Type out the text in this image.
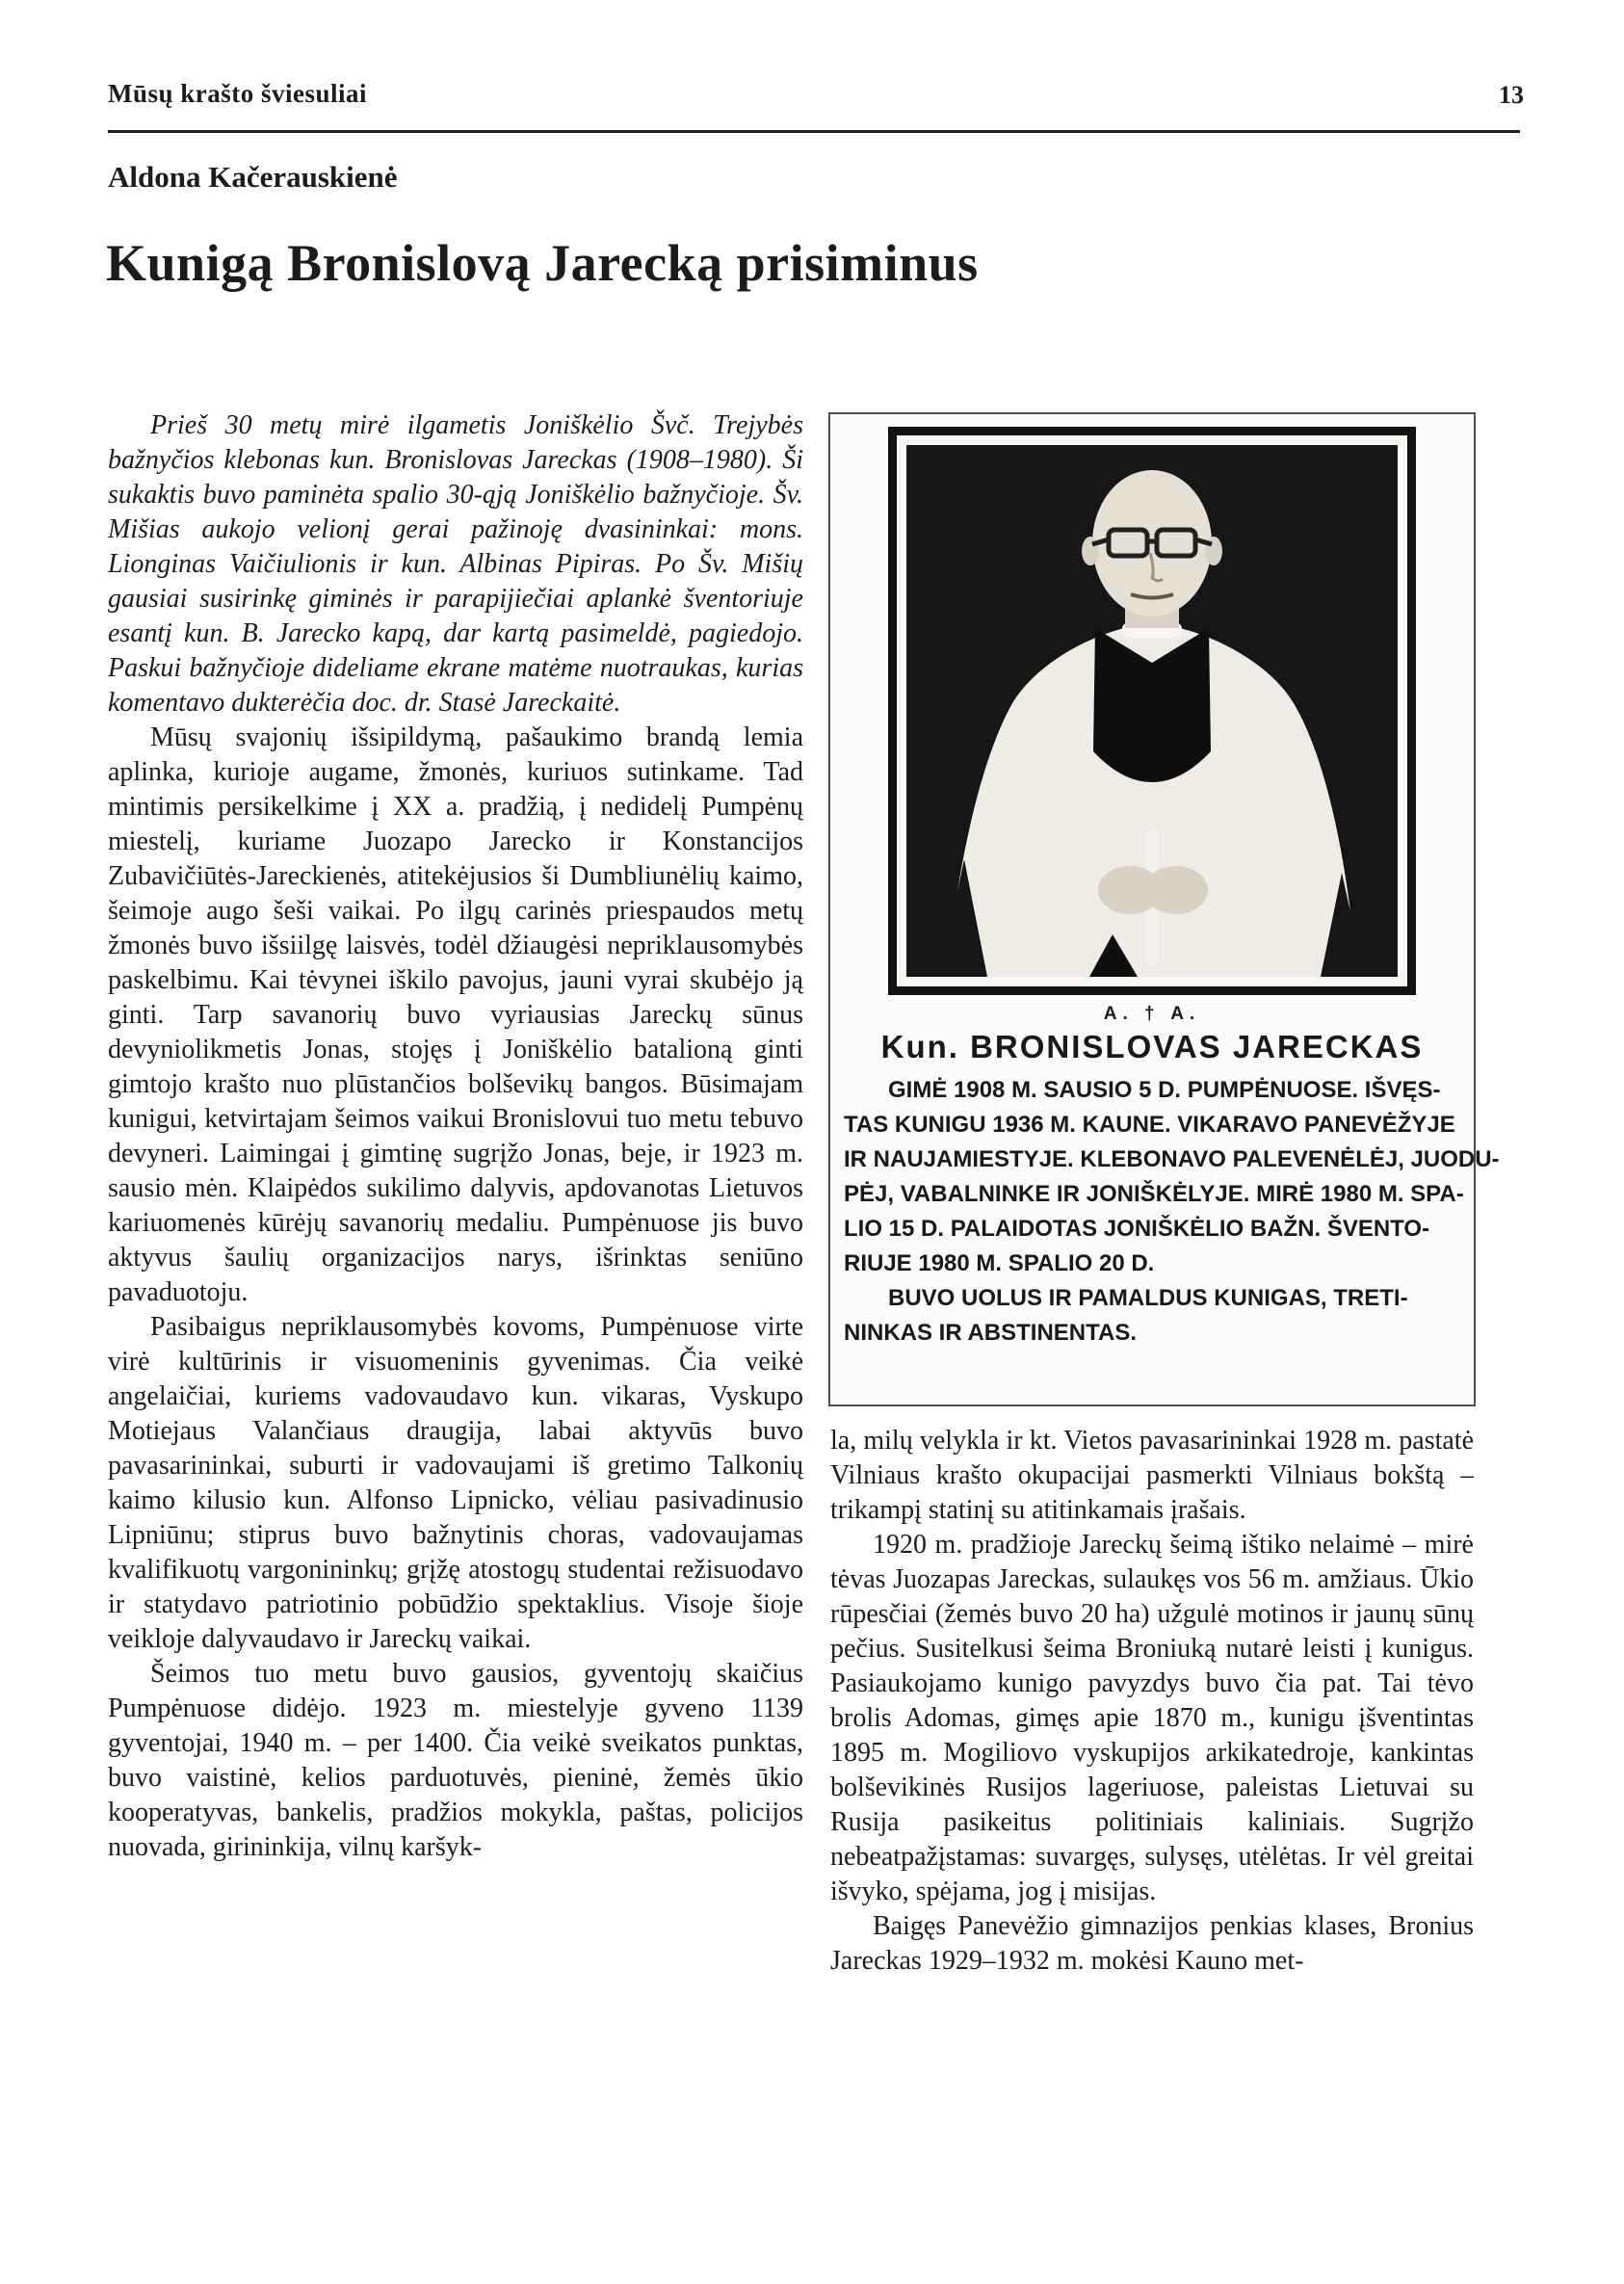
Mūsų krašto šviesuliai	13
Aldona Kačerauskienė
Kunigą Bronislovą Jarecką prisiminus

Prieš 30 metų mirė ilgametis Joniškėlio Švč. Trejybės bažnyčios klebonas kun. Bronislovas Jareckas (1908–1980). Ši sukaktis buvo paminėta spalio 30-ąją Joniškėlio bažnyčioje. Šv. Mišias aukojo velionį gerai pažinoję dvasininkai: mons. Lionginas Vaičiulionis ir kun. Albinas Pipiras. Po Šv. Mišių gausiai susirinkę giminės ir parapijiečiai aplankė šventoriuje esantį kun. B. Jarecko kapą, dar kartą pasimeldė, pagiedojo. Paskui bažnyčioje dideliame ekrane matėme nuotraukas, kurias komentavo dukterėčia doc. dr. Stasė Jareckaitė.

Mūsų svajonių išsipildymą, pašaukimo brandą lemia aplinka, kurioje augame, žmonės, kuriuos sutinkame. Tad mintimis persikelkime į XX a. pradžią, į nedidelį Pumpėnų miestelį, kuriame Juozapo Jarecko ir Konstancijos Zubavičiūtės-Jareckienės, atitekėjusios ši Dumbliunėlių kaimo, šeimoje augo šeši vaikai. Po ilgų carinės priespaudos metų žmonės buvo išsiilgę laisvės, todėl džiaugėsi nepriklausomybės paskelbimu. Kai tėvynei iškilo pavojus, jauni vyrai skubėjo ją ginti. Tarp savanorių buvo vyriausias Jareckų sūnus devyniolikmetis Jonas, stojęs į Joniškėlio batalioną ginti gimtojo krašto nuo plūstančios bolševikų bangos. Būsimajam kunigui, ketvirtajam šeimos vaikui Bronislovui tuo metu tebuvo devyneri. Laimingai į gimtinę sugrįžo Jonas, beje, ir 1923 m. sausio mėn. Klaipėdos sukilimo dalyvis, apdovanotas Lietuvos kariuomenės kūrėjų savanorių medaliu. Pumpėnuose jis buvo aktyvus šaulių organizacijos narys, išrinktas seniūno pavaduotoju.

Pasibaigus nepriklausomybės kovoms, Pumpėnuose virte virė kultūrinis ir visuomeninis gyvenimas. Čia veikė angelaičiai, kuriems vadovaudavo kun. vikaras, Vyskupo Motiejaus Valančiaus draugija, labai aktyvūs buvo pavasarininkai, suburti ir vadovaujami iš gretimo Talkonių kaimo kilusio kun. Alfonso Lipnicko, vėliau pasivadinusio Lipniūnu; stiprus buvo bažnytinis choras, vadovaujamas kvalifikuotų vargonininkų; grįžę atostogų studentai režisuodavo ir statydavo patriotinio pobūdžio spektaklius. Visoje šioje veikloje dalyvaudavo ir Jareckų vaikai.

Šeimos tuo metu buvo gausios, gyventojų skaičius Pumpėnuose didėjo. 1923 m. miestelyje gyveno 1139 gyventojai, 1940 m. – per 1400. Čia veikė sveikatos punktas, buvo vaistinė, kelios parduotuvės, pieninė, žemės ūkio kooperatyvas, bankelis, pradžios mokykla, paštas, policijos nuovada, girininkija, vilnų karšyk-

A. † A.
Kun. BRONISLOVAS JARECKAS
GIMĖ 1908 M. SAUSIO 5 D. PUMPĖNUOSE. IŠVĘS-
TAS KUNIGU 1936 M. KAUNE. VIKARAVO PANEVĖŽYJE
IR NAUJAMIESTYJE. KLEBONAVO PALEVENĖLĖJ, JUODU-
PĖJ, VABALNINKE IR JONIŠKĖLYJE. MIRĖ 1980 M. SPA-
LIO 15 D. PALAIDOTAS JONIŠKĖLIO BAŽN. ŠVENTO-
RIUJE 1980 M. SPALIO 20 D.
BUVO UOLUS IR PAMALDUS KUNIGAS, TRETI-
NINKAS IR ABSTINENTAS.

la, milų velykla ir kt. Vietos pavasarininkai 1928 m. pastatė Vilniaus krašto okupacijai pasmerkti Vilniaus bokštą – trikampį statinį su atitinkamais įrašais.

1920 m. pradžioje Jareckų šeimą ištiko nelaimė – mirė tėvas Juozapas Jareckas, sulaukęs vos 56 m. amžiaus. Ūkio rūpesčiai (žemės buvo 20 ha) užgulė motinos ir jaunų sūnų pečius. Susitelkusi šeima Broniuką nutarė leisti į kunigus. Pasiaukojamo kunigo pavyzdys buvo čia pat. Tai tėvo brolis Adomas, gimęs apie 1870 m., kunigu įšventintas 1895 m. Mogiliovo vyskupijos arkikatedroje, kankintas bolševikinės Rusijos lageriuose, paleistas Lietuvai su Rusija pasikeitus politiniais kaliniais. Sugrįžo nebeatpažįstamas: suvargęs, sulysęs, utėlėtas. Ir vėl greitai išvyko, spėjama, jog į misijas.

Baigęs Panevėžio gimnazijos penkias klases, Bronius Jareckas 1929–1932 m. mokėsi Kauno met-
